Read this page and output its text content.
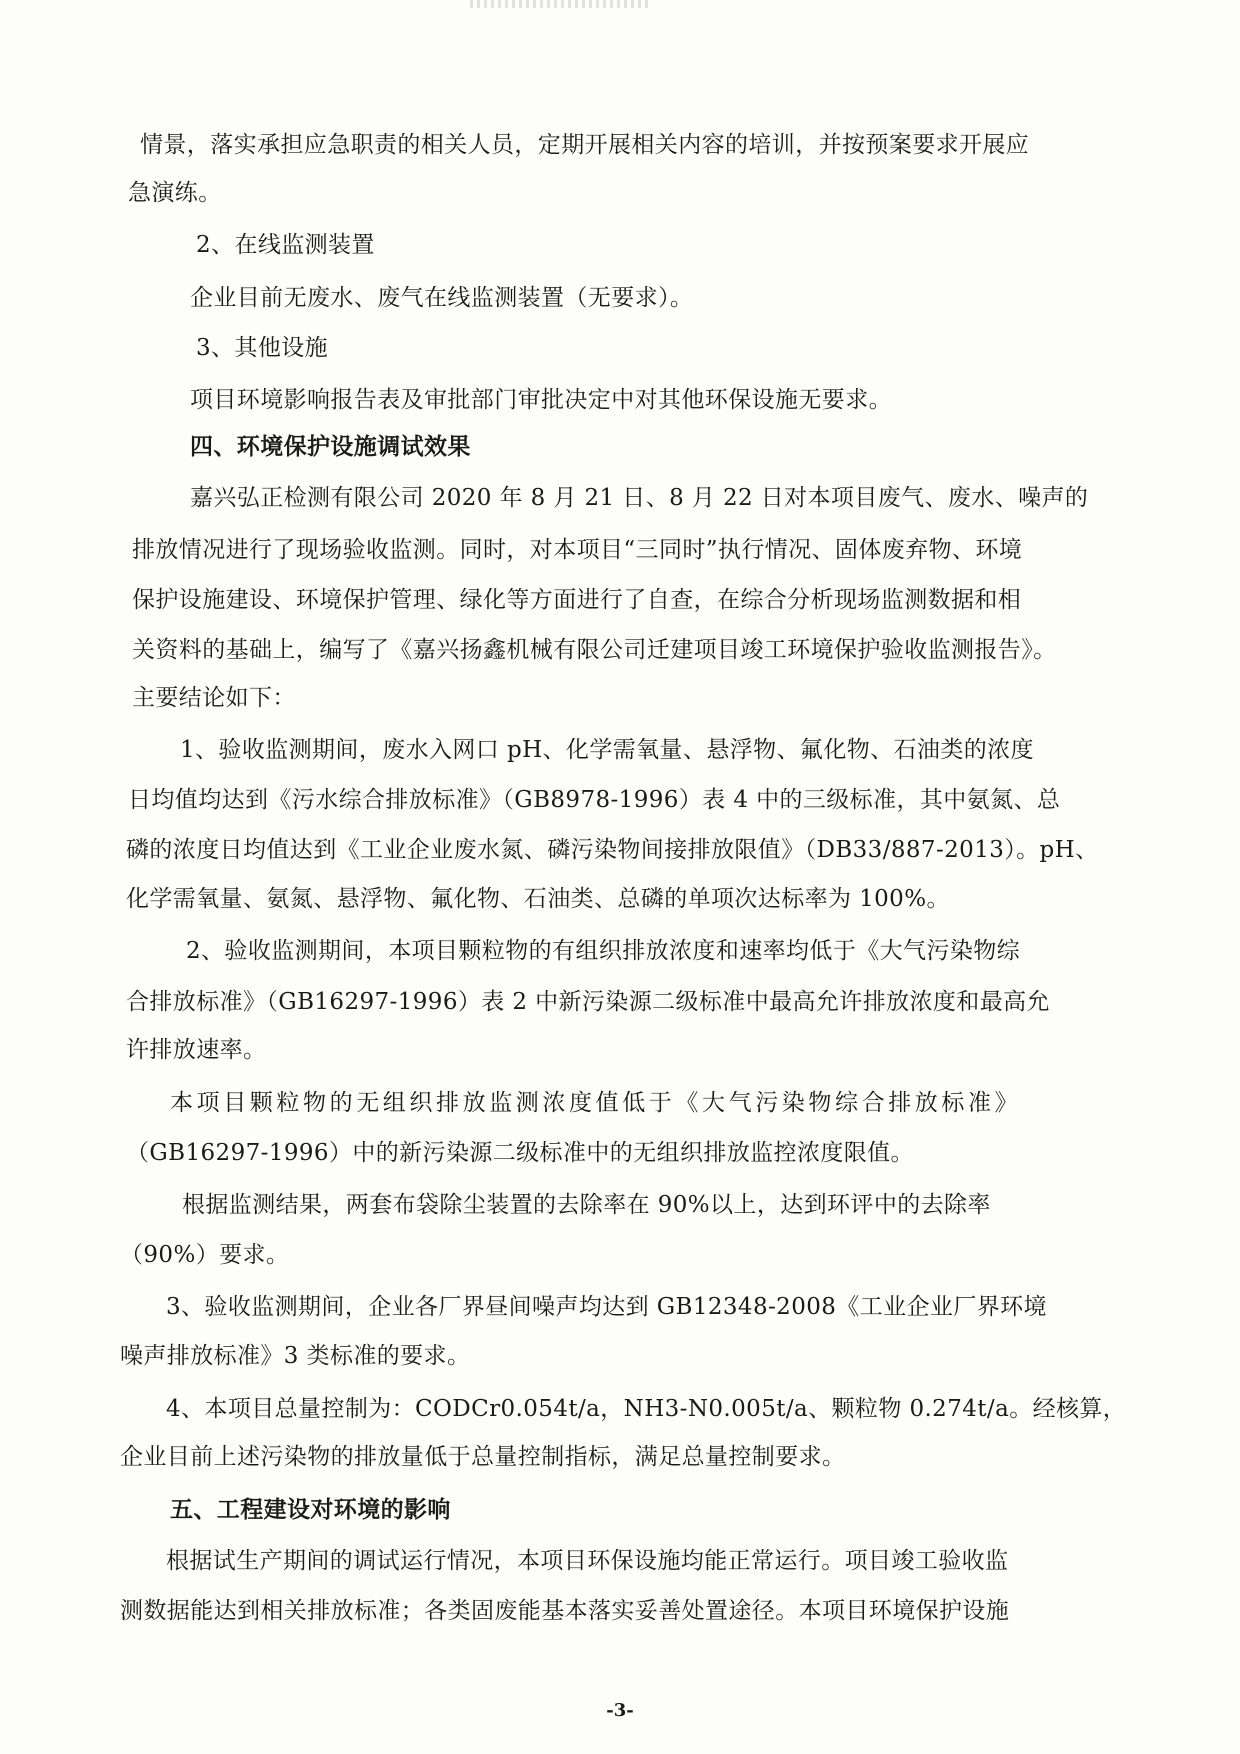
情景，落实承担应急职责的相关人员，定期开展相关内容的培训，并按预案要求开展应
急演练。
2、在线监测装置
企业目前无废水、废气在线监测装置（无要求）。
3、其他设施
项目环境影响报告表及审批部门审批决定中对其他环保设施无要求。
四、环境保护设施调试效果
嘉兴弘正检测有限公司 2020 年 8 月 21 日、8 月 22 日对本项目废气、废水、噪声的
排放情况进行了现场验收监测。同时，对本项目“三同时”执行情况、固体废弃物、环境
保护设施建设、环境保护管理、绿化等方面进行了自查，在综合分析现场监测数据和相
关资料的基础上，编写了《嘉兴扬鑫机械有限公司迁建项目竣工环境保护验收监测报告》。
主要结论如下：
1、验收监测期间，废水入网口 pH、化学需氧量、悬浮物、氟化物、石油类的浓度
日均值均达到《污水综合排放标准》（GB8978-1996）表 4 中的三级标准，其中氨氮、总
磷的浓度日均值达到《工业企业废水氮、磷污染物间接排放限值》（DB33/887-2013）。pH、
化学需氧量、氨氮、悬浮物、氟化物、石油类、总磷的单项次达标率为 100%。
2、验收监测期间，本项目颗粒物的有组织排放浓度和速率均低于《大气污染物综
合排放标准》（GB16297-1996）表 2 中新污染源二级标准中最高允许排放浓度和最高允
许排放速率。
本项目颗粒物的无组织排放监测浓度值低于《大气污染物综合排放标准》
（GB16297-1996）中的新污染源二级标准中的无组织排放监控浓度限值。
根据监测结果，两套布袋除尘装置的去除率在 90%以上，达到环评中的去除率
（90%）要求。
3、验收监测期间，企业各厂界昼间噪声均达到 GB12348-2008《工业企业厂界环境
噪声排放标准》3 类标准的要求。
4、本项目总量控制为：CODCr0.054t/a，NH3-N0.005t/a、颗粒物 0.274t/a。经核算，
企业目前上述污染物的排放量低于总量控制指标，满足总量控制要求。
五、工程建设对环境的影响
根据试生产期间的调试运行情况，本项目环保设施均能正常运行。项目竣工验收监
测数据能达到相关排放标准；各类固废能基本落实妥善处置途径。本项目环境保护设施
-3-
